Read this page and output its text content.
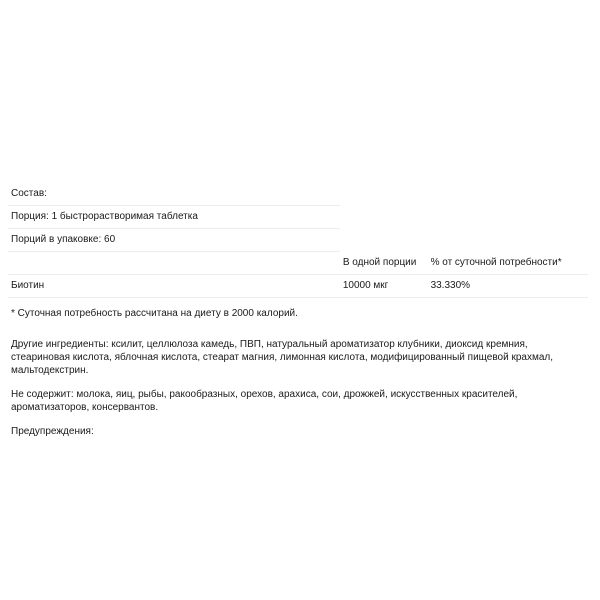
Состав:		
Порция: 1 быстрорастворимая таблетка		
Порций в упаковке: 60		
	В одной порции	% от суточной потребности*
Биотин	10000 мкг	33.330%
* Суточная потребность рассчитана на диету в 2000 калорий.
Другие ингредиенты: ксилит, целлюлоза камедь, ПВП, натуральный ароматизатор клубники, диоксид кремния,
стеариновая кислота, яблочная кислота, стеарат магния, лимонная кислота, модифицированный пищевой крахмал,
мальтодекстрин.
Не содержит: молока, яиц, рыбы, ракообразных, орехов, арахиса, сои, дрожжей, искусственных красителей,
ароматизаторов, консервантов.
Предупреждения:
